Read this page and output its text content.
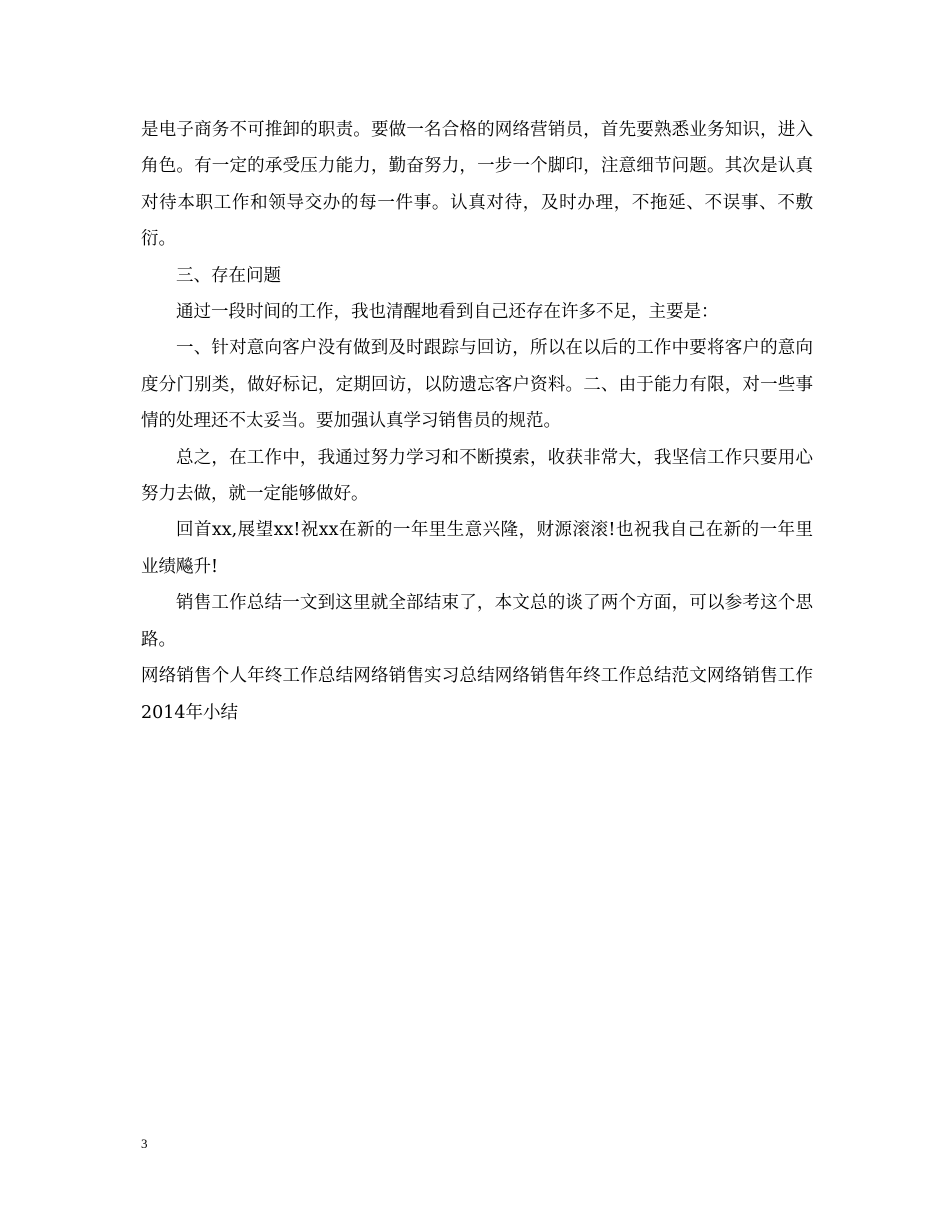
是电子商务不可推卸的职责。要做一名合格的网络营销员，首先要熟悉业务知识，进入角色。有一定的承受压力能力，勤奋努力，一步一个脚印，注意细节问题。其次是认真对待本职工作和领导交办的每一件事。认真对待，及时办理，不拖延、不误事、不敷衍。

三、存在问题

通过一段时间的工作，我也清醒地看到自己还存在许多不足，主要是：

一、针对意向客户没有做到及时跟踪与回访，所以在以后的工作中要将客户的意向度分门别类，做好标记，定期回访，以防遗忘客户资料。二、由于能力有限，对一些事情的处理还不太妥当。要加强认真学习销售员的规范。

总之，在工作中，我通过努力学习和不断摸索，收获非常大，我坚信工作只要用心努力去做，就一定能够做好。

回首xx,展望xx!祝xx在新的一年里生意兴隆，财源滚滚!也祝我自己在新的一年里业绩飚升!

销售工作总结一文到这里就全部结束了，本文总的谈了两个方面，可以参考这个思路。

网络销售个人年终工作总结网络销售实习总结网络销售年终工作总结范文网络销售工作2014年小结

3
